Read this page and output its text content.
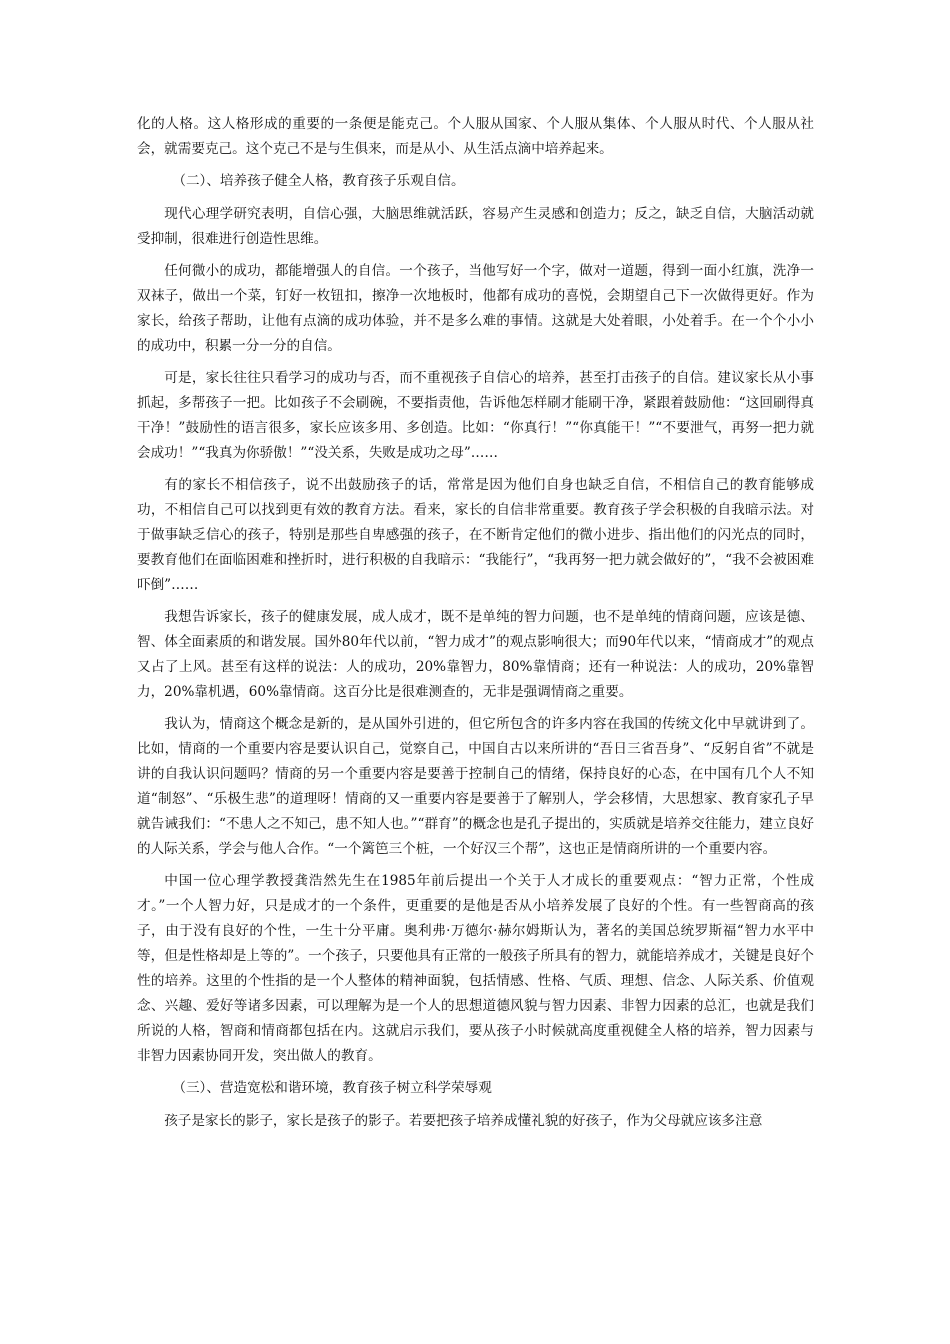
化的人格。这人格形成的重要的一条便是能克己。个人服从国家、个人服从集体、个人服从时代、个人服从社会，就需要克己。这个克己不是与生俱来，而是从小、从生活点滴中培养起来。

（二）、培养孩子健全人格，教育孩子乐观自信。

现代心理学研究表明，自信心强，大脑思维就活跃，容易产生灵感和创造力；反之，缺乏自信，大脑活动就受抑制，很难进行创造性思维。

任何微小的成功，都能增强人的自信。一个孩子，当他写好一个字，做对一道题，得到一面小红旗，洗净一双袜子，做出一个菜，钉好一枚钮扣，擦净一次地板时，他都有成功的喜悦，会期望自己下一次做得更好。作为家长，给孩子帮助，让他有点滴的成功体验，并不是多么难的事情。这就是大处着眼，小处着手。在一个个小小的成功中，积累一分一分的自信。

可是，家长往往只看学习的成功与否，而不重视孩子自信心的培养，甚至打击孩子的自信。建议家长从小事抓起，多帮孩子一把。比如孩子不会刷碗，不要指责他，告诉他怎样刷才能刷干净，紧跟着鼓励他：“这回刷得真干净！”鼓励性的语言很多，家长应该多用、多创造。比如：“你真行！”“你真能干！”“不要泄气，再努一把力就会成功！”“我真为你骄傲！”“没关系，失败是成功之母”……

有的家长不相信孩子，说不出鼓励孩子的话，常常是因为他们自身也缺乏自信，不相信自己的教育能够成功，不相信自己可以找到更有效的教育方法。看来，家长的自信非常重要。教育孩子学会积极的自我暗示法。对于做事缺乏信心的孩子，特别是那些自卑感强的孩子，在不断肯定他们的微小进步、指出他们的闪光点的同时，要教育他们在面临困难和挫折时，进行积极的自我暗示：“我能行”，“我再努一把力就会做好的”，“我不会被困难吓倒”……

我想告诉家长，孩子的健康发展，成人成才，既不是单纯的智力问题，也不是单纯的情商问题，应该是德、智、体全面素质的和谐发展。国外80年代以前，“智力成才”的观点影响很大；而90年代以来，“情商成才”的观点又占了上风。甚至有这样的说法：人的成功，20%靠智力，80%靠情商；还有一种说法：人的成功，20%靠智力，20%靠机遇，60%靠情商。这百分比是很难测查的，无非是强调情商之重要。

我认为，情商这个概念是新的，是从国外引进的，但它所包含的许多内容在我国的传统文化中早就讲到了。比如，情商的一个重要内容是要认识自己，觉察自己，中国自古以来所讲的“吾日三省吾身”、“反躬自省”不就是讲的自我认识问题吗？情商的另一个重要内容是要善于控制自己的情绪，保持良好的心态，在中国有几个人不知道“制怒”、“乐极生悲”的道理呀！情商的又一重要内容是要善于了解别人，学会移情，大思想家、教育家孔子早就告诫我们：“不患人之不知己，患不知人也。”“群育”的概念也是孔子提出的，实质就是培养交往能力，建立良好的人际关系，学会与他人合作。“一个篱笆三个桩，一个好汉三个帮”，这也正是情商所讲的一个重要内容。

中国一位心理学教授龚浩然先生在1985年前后提出一个关于人才成长的重要观点：“智力正常，个性成才。”一个人智力好，只是成才的一个条件，更重要的是他是否从小培养发展了良好的个性。有一些智商高的孩子，由于没有良好的个性，一生十分平庸。奥利弗·万德尔·赫尔姆斯认为，著名的美国总统罗斯福“智力水平中等，但是性格却是上等的”。一个孩子，只要他具有正常的一般孩子所具有的智力，就能培养成才，关键是良好个性的培养。这里的个性指的是一个人整体的精神面貌，包括情感、性格、气质、理想、信念、人际关系、价值观念、兴趣、爱好等诸多因素，可以理解为是一个人的思想道德风貌与智力因素、非智力因素的总汇，也就是我们所说的人格，智商和情商都包括在内。这就启示我们，要从孩子小时候就高度重视健全人格的培养，智力因素与非智力因素协同开发，突出做人的教育。

（三）、营造宽松和谐环境，教育孩子树立科学荣辱观

孩子是家长的影子，家长是孩子的影子。若要把孩子培养成懂礼貌的好孩子，作为父母就应该多注意
